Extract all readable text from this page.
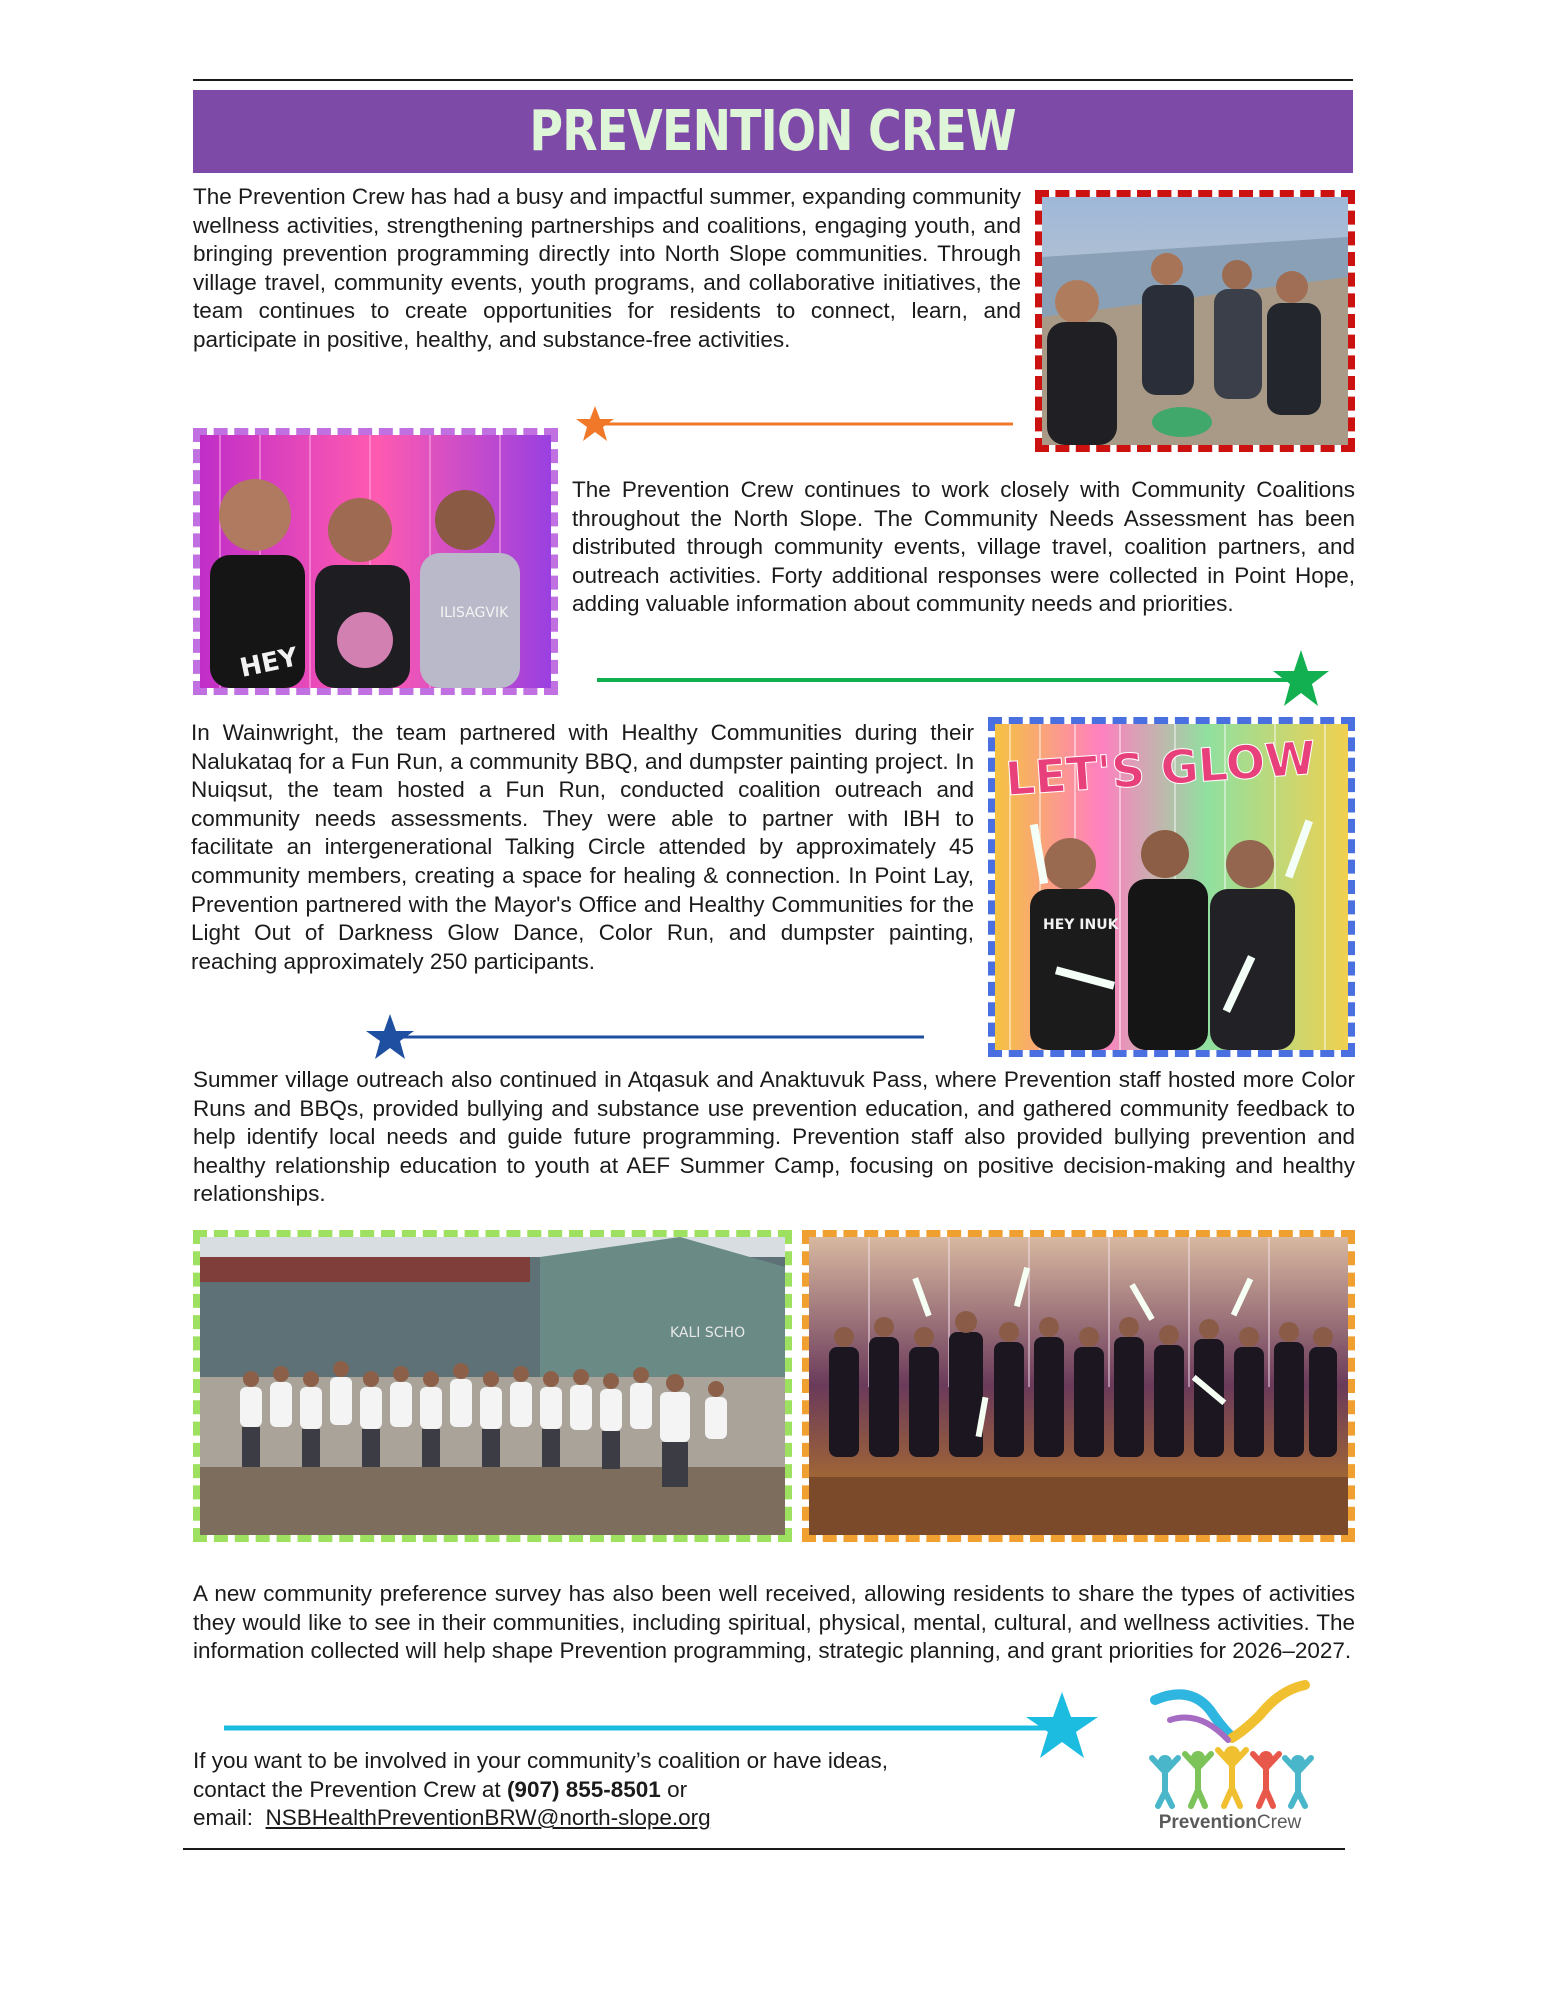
PREVENTION CREW

The Prevention Crew has had a busy and impactful summer, expanding community wellness activities, strengthening partnerships and coalitions, engaging youth, and bringing prevention programming directly into North Slope communities. Through village travel, community events, youth programs, and collaborative initiatives, the team continues to create opportunities for residents to connect, learn, and participate in positive, healthy, and substance-free activities.

HEY
ILISAGVIK

The Prevention Crew continues to work closely with Community Coalitions throughout the North Slope. The Community Needs Assessment has been distributed through community events, village travel, coalition partners, and outreach activities. Forty additional responses were collected in Point Hope, adding valuable information about community needs and priorities.

In Wainwright, the team partnered with Healthy Communities during their Nalukataq for a Fun Run, a community BBQ, and dumpster painting project. In Nuiqsut, the team hosted a Fun Run, conducted coalition outreach and community needs assessments. They were able to partner with IBH to facilitate an intergenerational Talking Circle attended by approximately 45 community members, creating a space for healing & connection. In Point Lay, Prevention partnered with the Mayor's Office and Healthy Communities for the Light Out of Darkness Glow Dance, Color Run, and dumpster painting, reaching approximately 250 participants.

LET'S GLOW
HEY INUK

Summer village outreach also continued in Atqasuk and Anaktuvuk Pass, where Prevention staff hosted more Color Runs and BBQs, provided bullying and substance use prevention education, and gathered community feedback to help identify local needs and guide future programming. Prevention staff also provided bullying prevention and healthy relationship education to youth at AEF Summer Camp, focusing on positive decision-making and healthy relationships.

KALI SCHO

A new community preference survey has also been well received, allowing residents to share the types of activities they would like to see in their communities, including spiritual, physical, mental, cultural, and wellness activities. The information collected will help shape Prevention programming, strategic planning, and grant priorities for 2026–2027.

If you want to be involved in your community’s coalition or have ideas,
contact the Prevention Crew at (907) 855-8501 or
email: NSBHealthPreventionBRW@north-slope.org	PreventionCrew
